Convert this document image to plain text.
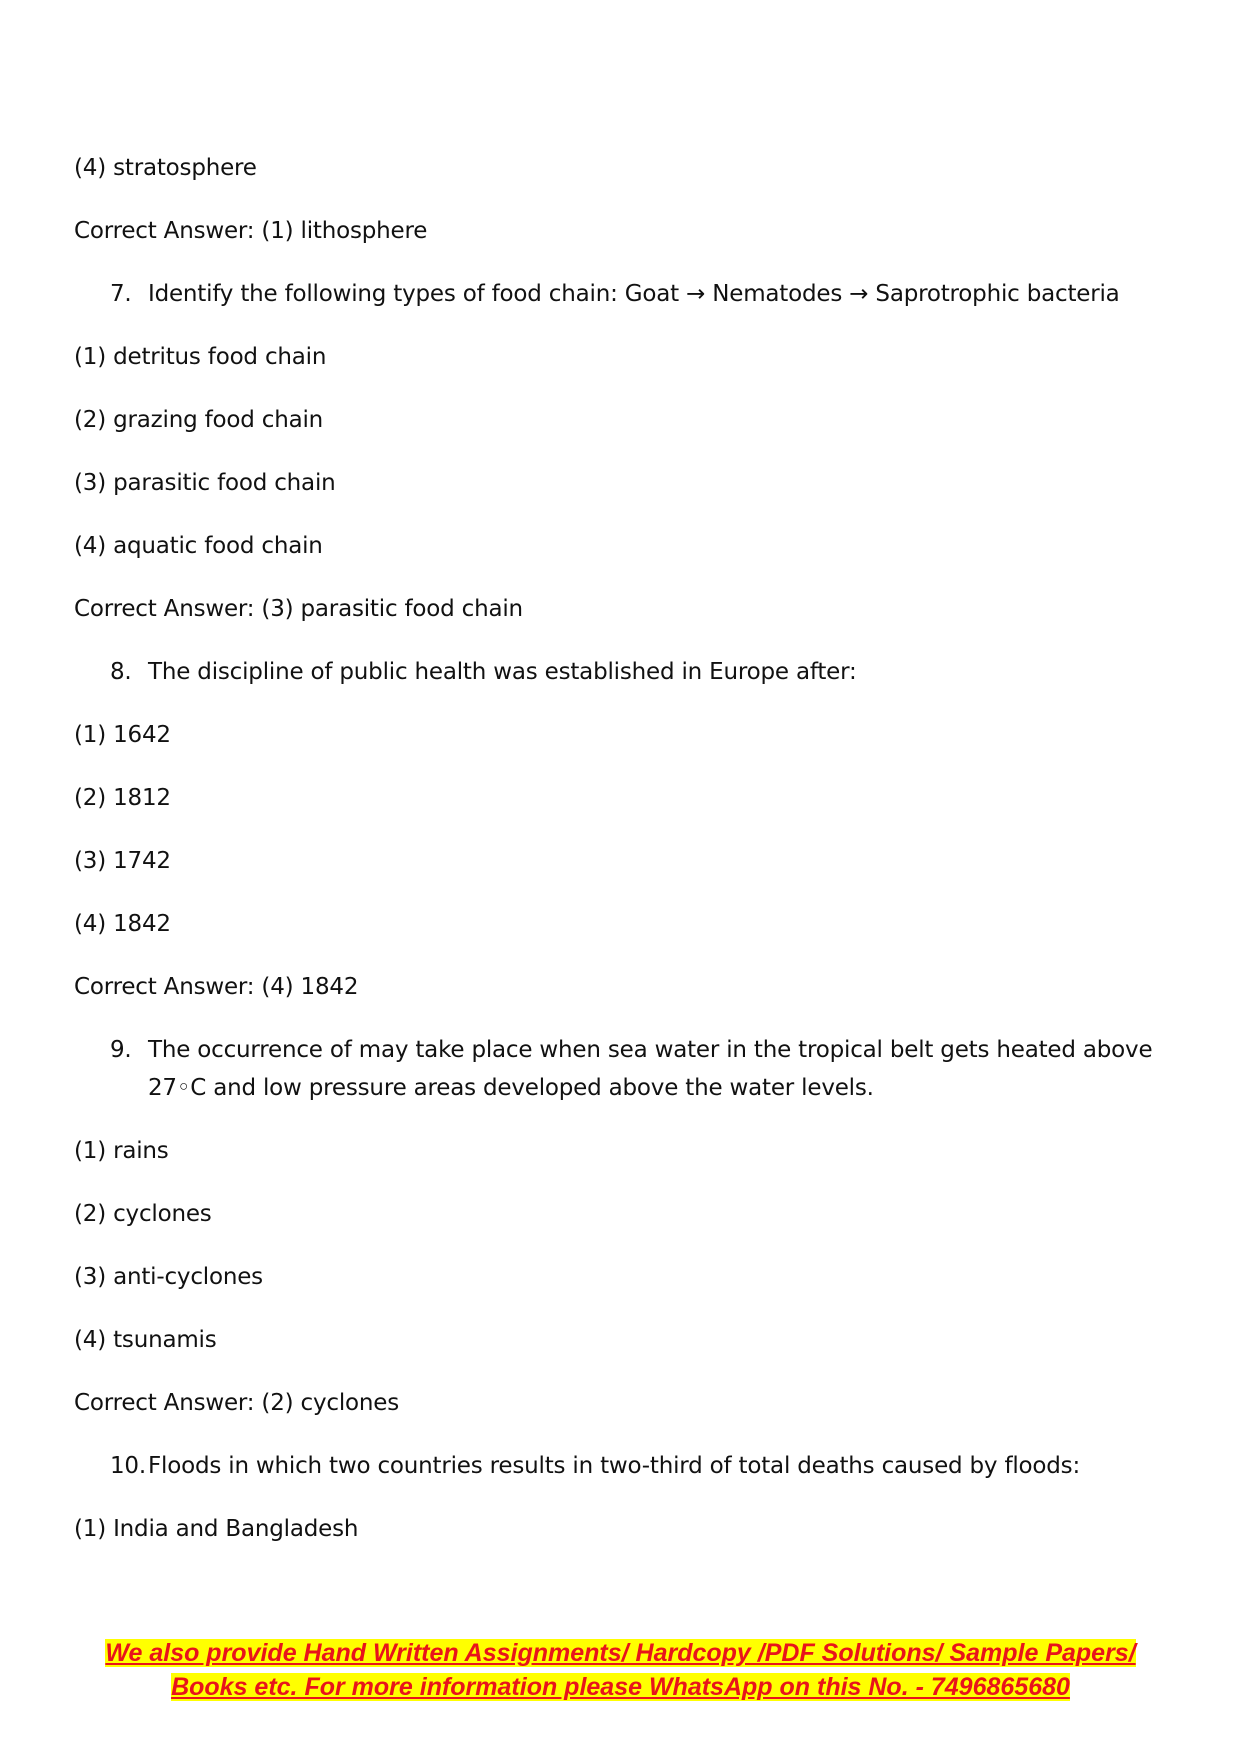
(4) stratosphere
Correct Answer: (1) lithosphere
7. Identify the following types of food chain: Goat → Nematodes → Saprotrophic bacteria
(1) detritus food chain
(2) grazing food chain
(3) parasitic food chain
(4) aquatic food chain
Correct Answer: (3) parasitic food chain
8. The discipline of public health was established in Europe after:
(1) 1642
(2) 1812
(3) 1742
(4) 1842
Correct Answer: (4) 1842
9. The occurrence of may take place when sea water in the tropical belt gets heated above 27◦C and low pressure areas developed above the water levels.
(1) rains
(2) cyclones
(3) anti-cyclones
(4) tsunamis
Correct Answer: (2) cyclones
10.Floods in which two countries results in two-third of total deaths caused by floods:
(1) India and Bangladesh
We also provide Hand Written Assignments/ Hardcopy /PDF Solutions/ Sample Papers/
Books etc. For more information please WhatsApp on this No. - 7496865680
